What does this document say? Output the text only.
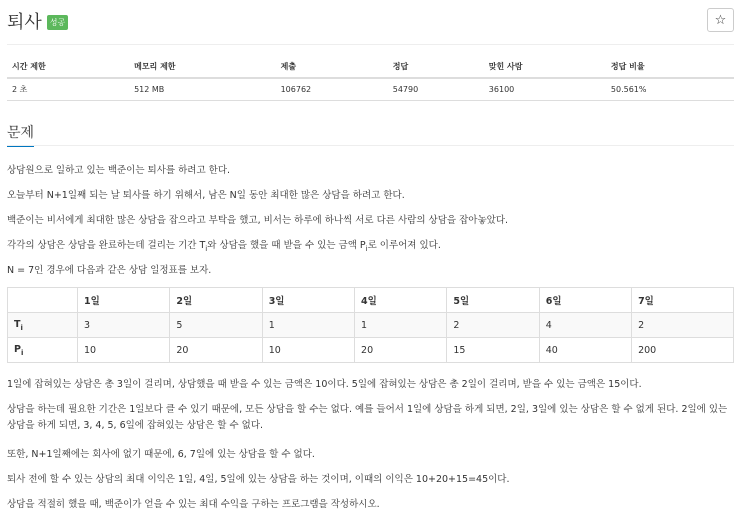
퇴사	성공	☆
시간 제한	메모리 제한	제출	정답	맞힌 사람	정답 비율
2 초	512 MB	106762	54790	36100	50.561%
문제

상담원으로 일하고 있는 백준이는 퇴사를 하려고 한다.

오늘부터 N+1일째 되는 날 퇴사를 하기 위해서, 남은 N일 동안 최대한 많은 상담을 하려고 한다.

백준이는 비서에게 최대한 많은 상담을 잡으라고 부탁을 했고, 비서는 하루에 하나씩 서로 다른 사람의 상담을 잡아놓았다.

각각의 상담은 상담을 완료하는데 걸리는 기간 $T_i$와 상담을 했을 때 받을 수 있는 금액 $P_i$로 이루어져 있다.

N = 7인 경우에 다음과 같은 상담 일정표를 보자.

	1일	2일	3일	4일	5일	6일	7일
$T_i$	3	5	1	1	2	4	2
$P_i$	10	20	10	20	15	40	200

1일에 잡혀있는 상담은 총 3일이 걸리며, 상담했을 때 받을 수 있는 금액은 10이다. 5일에 잡혀있는 상담은 총 2일이 걸리며, 받을 수 있는 금액은 15이다.

상담을 하는데 필요한 기간은 1일보다 클 수 있기 때문에, 모든 상담을 할 수는 없다. 예를 들어서 1일에 상담을 하게 되면, 2일, 3일에 있는 상담은 할 수 없게 된다. 2일에 있는 상담을 하게 되면, 3, 4, 5, 6일에 잡혀있는 상담은 할 수 없다.

또한, N+1일째에는 회사에 없기 때문에, 6, 7일에 있는 상담을 할 수 없다.

퇴사 전에 할 수 있는 상담의 최대 이익은 1일, 4일, 5일에 있는 상담을 하는 것이며, 이때의 이익은 10+20+15=45이다.

상담을 적절히 했을 때, 백준이가 얻을 수 있는 최대 수익을 구하는 프로그램을 작성하시오.
